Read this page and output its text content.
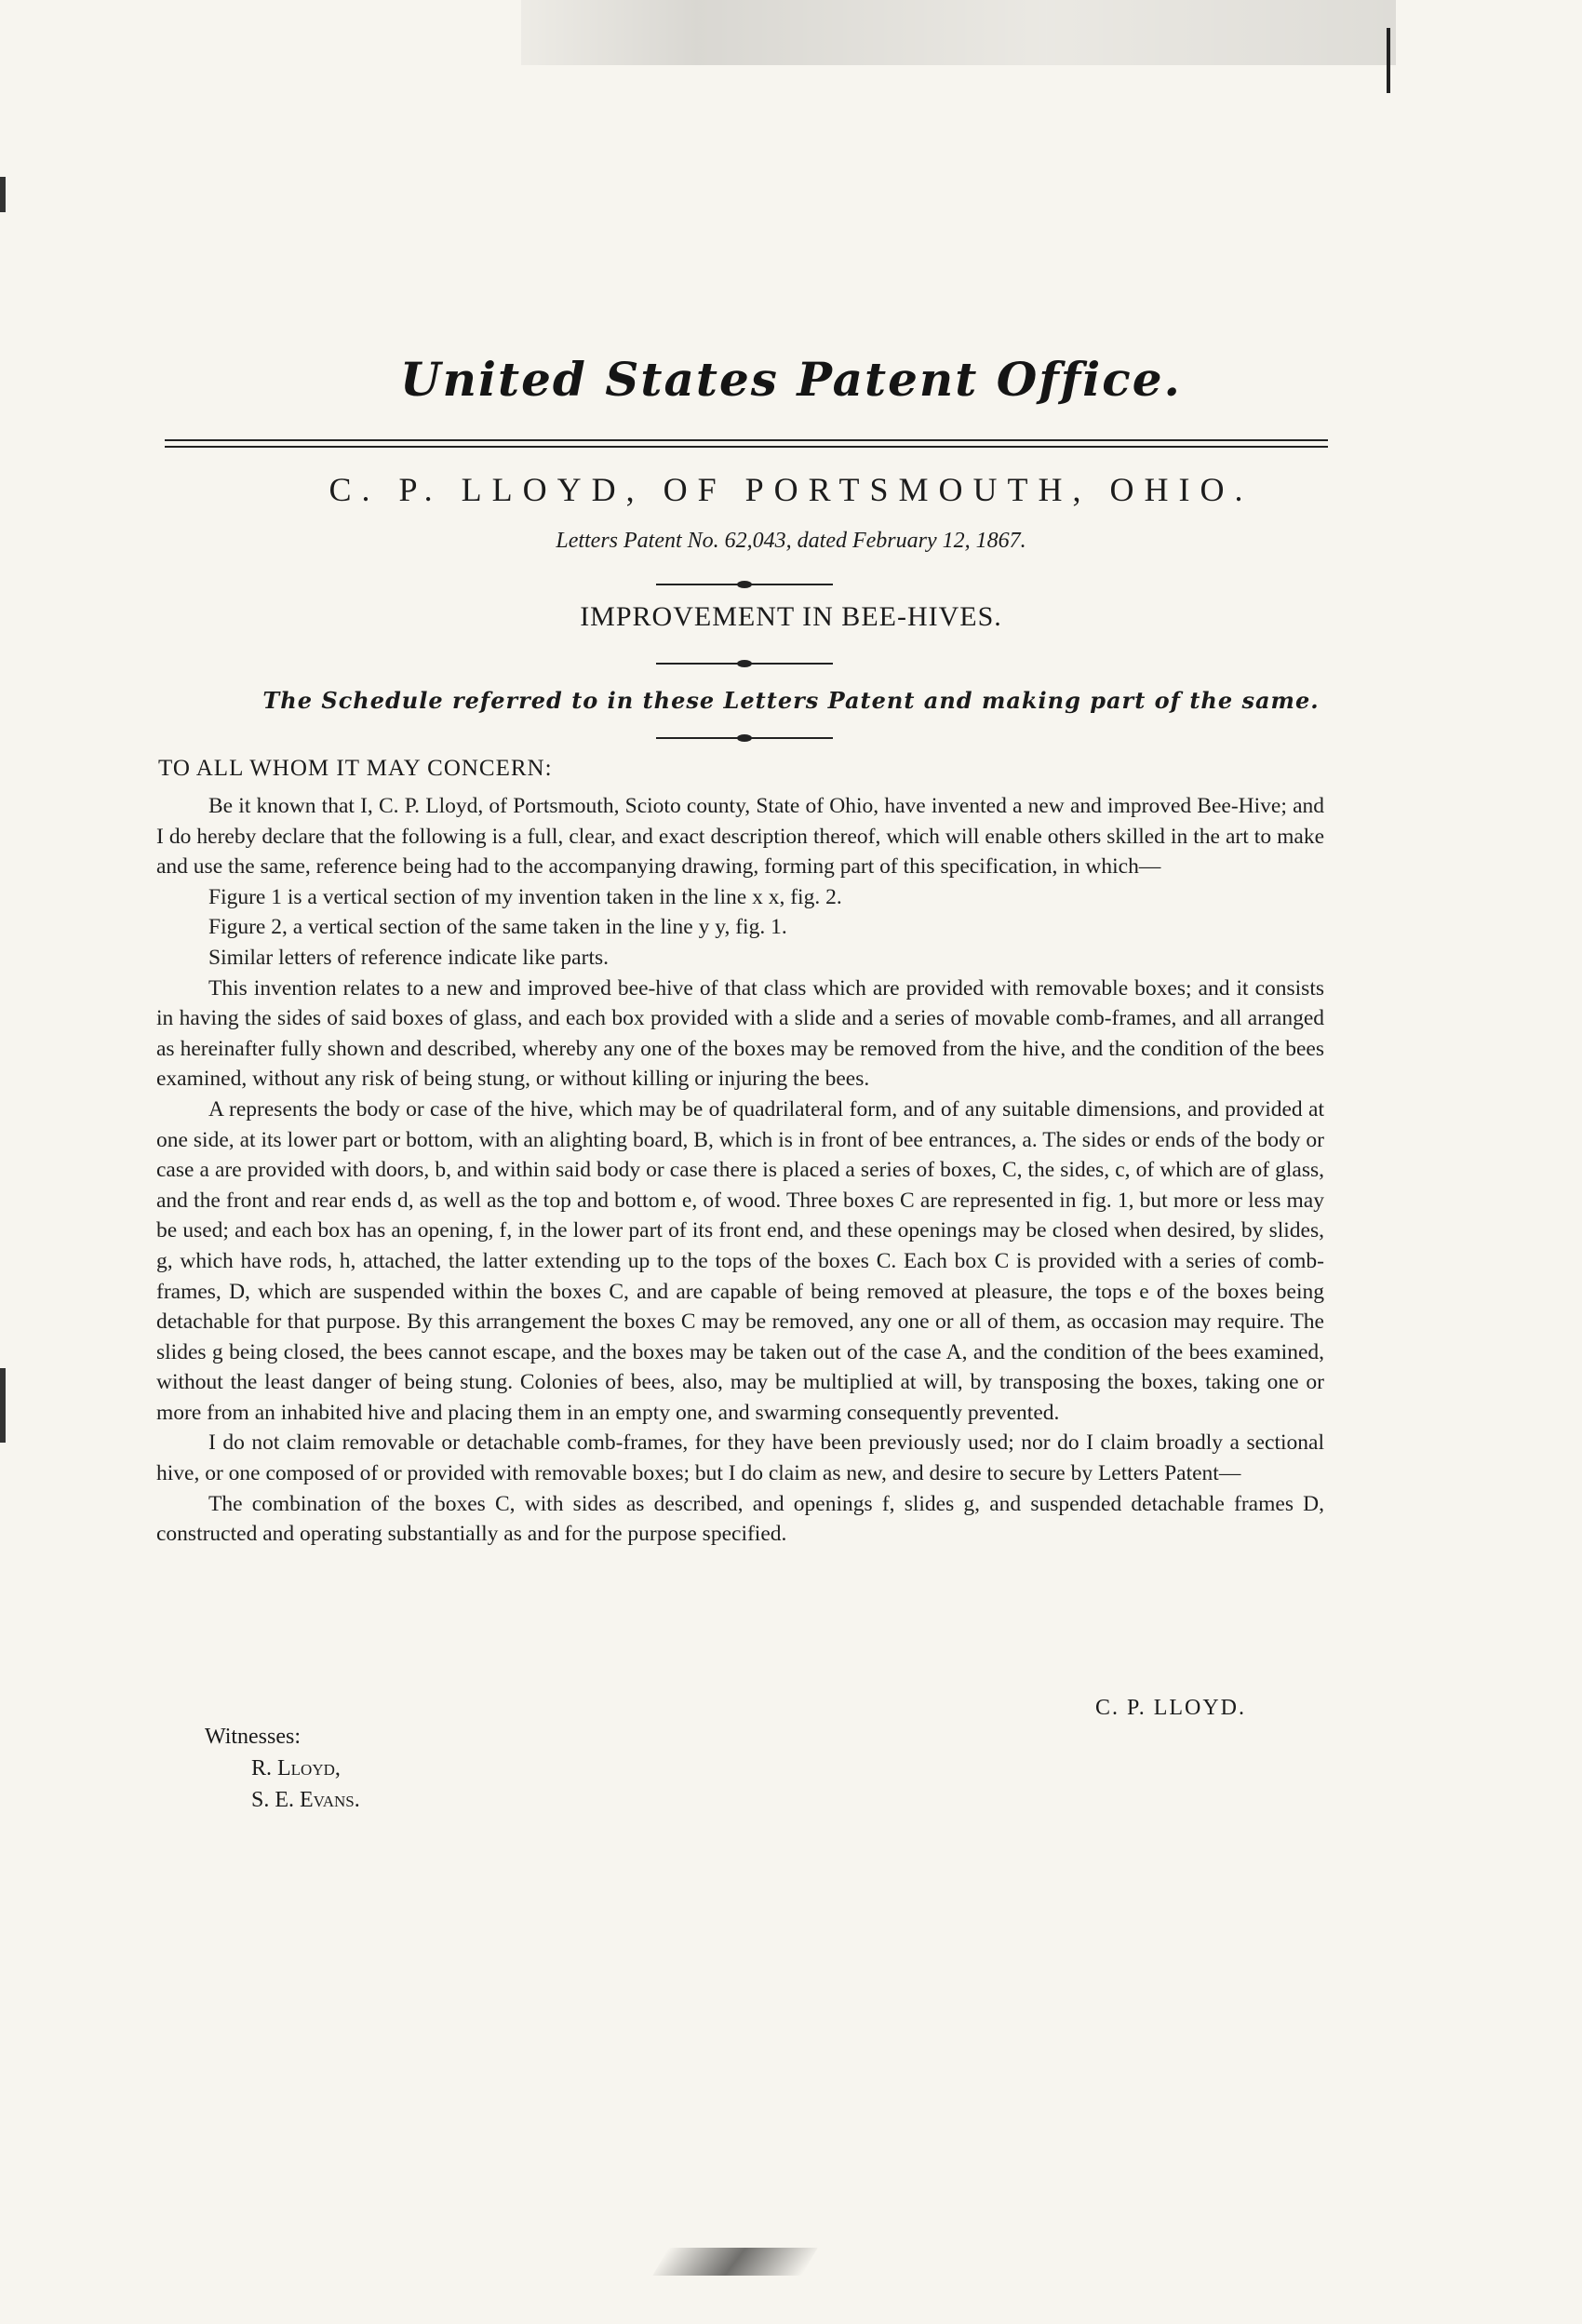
United States Patent Office.
C. P. LLOYD, OF PORTSMOUTH, OHIO.
Letters Patent No. 62,043, dated February 12, 1867.
IMPROVEMENT IN BEE-HIVES.
The Schedule referred to in these Letters Patent and making part of the same.
TO ALL WHOM IT MAY CONCERN:

Be it known that I, C. P. Lloyd, of Portsmouth, Scioto county, State of Ohio, have invented a new and improved Bee-Hive; and I do hereby declare that the following is a full, clear, and exact description thereof, which will enable others skilled in the art to make and use the same, reference being had to the accompanying drawing, forming part of this specification, in which—

Figure 1 is a vertical section of my invention taken in the line x x, fig. 2.

Figure 2, a vertical section of the same taken in the line y y, fig. 1.

Similar letters of reference indicate like parts.

This invention relates to a new and improved bee-hive of that class which are provided with removable boxes; and it consists in having the sides of said boxes of glass, and each box provided with a slide and a series of movable comb-frames, and all arranged as hereinafter fully shown and described, whereby any one of the boxes may be removed from the hive, and the condition of the bees examined, without any risk of being stung, or without killing or injuring the bees.

A represents the body or case of the hive, which may be of quadrilateral form, and of any suitable dimensions, and provided at one side, at its lower part or bottom, with an alighting board, B, which is in front of bee entrances, a. The sides or ends of the body or case a are provided with doors, b, and within said body or case there is placed a series of boxes, C, the sides, c, of which are of glass, and the front and rear ends d, as well as the top and bottom e, of wood. Three boxes C are represented in fig. 1, but more or less may be used; and each box has an opening, f, in the lower part of its front end, and these openings may be closed when desired, by slides, g, which have rods, h, attached, the latter extending up to the tops of the boxes C. Each box C is provided with a series of comb-frames, D, which are suspended within the boxes C, and are capable of being removed at pleasure, the tops e of the boxes being detachable for that purpose. By this arrangement the boxes C may be removed, any one or all of them, as occasion may require. The slides g being closed, the bees cannot escape, and the boxes may be taken out of the case A, and the condition of the bees examined, without the least danger of being stung. Colonies of bees, also, may be multiplied at will, by transposing the boxes, taking one or more from an inhabited hive and placing them in an empty one, and swarming consequently prevented.

I do not claim removable or detachable comb-frames, for they have been previously used; nor do I claim broadly a sectional hive, or one composed of or provided with removable boxes; but I do claim as new, and desire to secure by Letters Patent—

The combination of the boxes C, with sides as described, and openings f, slides g, and suspended detachable frames D, constructed and operating substantially as and for the purpose specified.

C. P. LLOYD.
Witnesses:
R. Lloyd,
S. E. Evans.
